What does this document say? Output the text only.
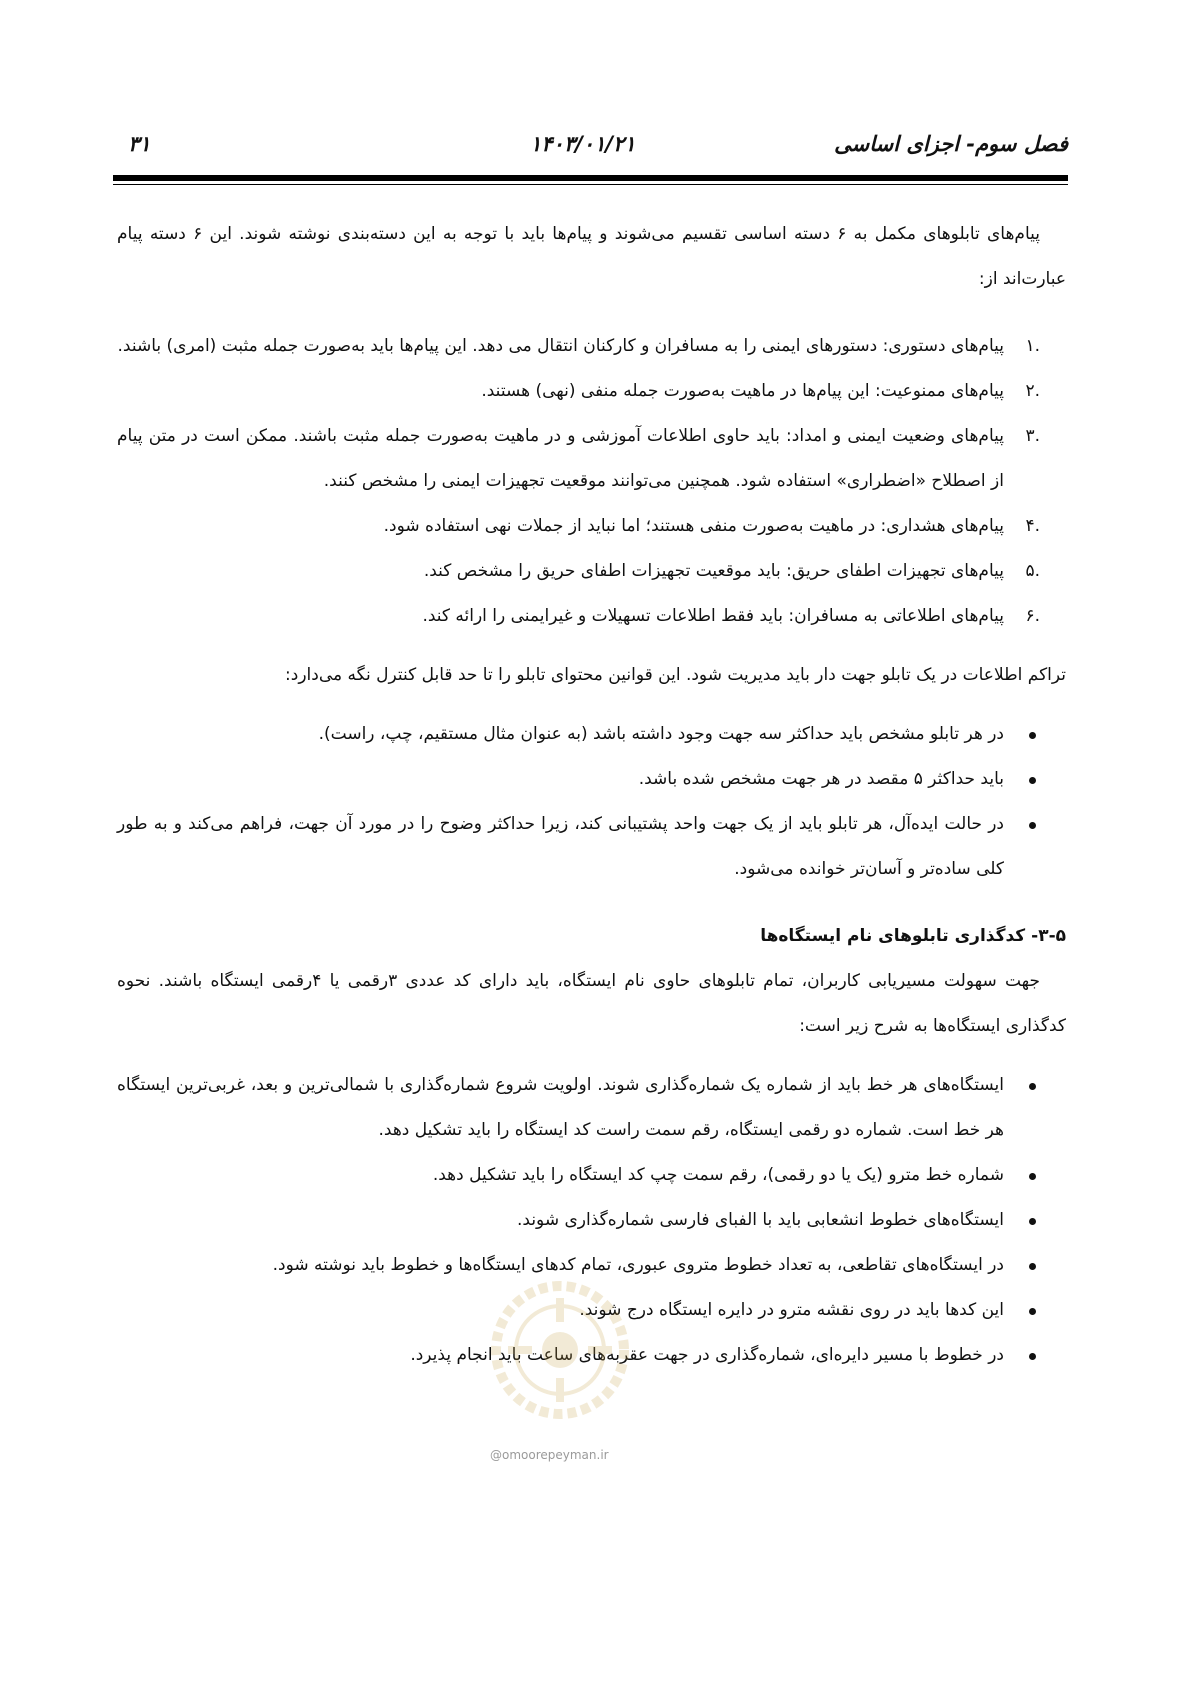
۳۱	۱۴۰۳/۰۱/۲۱	فصل سوم- اجزای اساسی

پیام‌های تابلوهای مکمل به ۶ دسته اساسی تقسیم می‌شوند و پیام‌ها باید با توجه به این دسته‌بندی نوشته شوند. این ۶ دسته پیام عبارت‌اند از:

.۱
پیام‌های دستوری: دستورهای ایمنی را به مسافران و کارکنان انتقال می دهد. این پیام‌ها باید به‌صورت جمله مثبت (امری) باشند.
.۲
پیام‌های ممنوعیت: این پیام‌ها در ماهیت به‌صورت جمله منفی (نهی) هستند.
.۳
پیام‌های وضعیت ایمنی و امداد: باید حاوی اطلاعات آموزشی و در ماهیت به‌صورت جمله مثبت باشند. ممکن است در متن پیام از اصطلاح «اضطراری» استفاده شود. همچنین می‌توانند موقعیت تجهیزات ایمنی را مشخص کنند.
.۴
پیام‌های هشداری: در ماهیت به‌صورت منفی هستند؛ اما نباید از جملات نهی استفاده شود.
.۵
پیام‌های تجهیزات اطفای حریق: باید موقعیت تجهیزات اطفای حریق را مشخص کند.
.۶
پیام‌های اطلاعاتی به مسافران: باید فقط اطلاعات تسهیلات و غیرایمنی را ارائه کند.

تراکم اطلاعات در یک تابلو جهت دار باید مدیریت شود. این قوانین محتوای تابلو را تا حد قابل کنترل نگه می‌دارد:

در هر تابلو مشخص باید حداکثر سه جهت وجود داشته باشد (به عنوان مثال مستقیم، چپ، راست).
باید حداکثر ۵ مقصد در هر جهت مشخص شده باشد.
در حالت ایده‌آل، هر تابلو باید از یک جهت واحد پشتیبانی کند، زیرا حداکثر وضوح را در مورد آن جهت، فراهم می‌کند و به طور کلی ساده‌تر و آسان‌تر خوانده می‌شود.

۳-۵- کدگذاری تابلوهای نام ایستگاه‌ها

جهت سهولت مسیریابی کاربران، تمام تابلوهای حاوی نام ایستگاه، باید دارای کد عددی ۳رقمی یا ۴رقمی ایستگاه باشند. نحوه کدگذاری ایستگاه‌ها به شرح زیر است:

ایستگاه‌های هر خط باید از شماره یک شماره‌گذاری شوند. اولویت شروع شماره‌گذاری با شمالی‌ترین و بعد، غربی‌ترین ایستگاه هر خط است. شماره دو رقمی ایستگاه، رقم سمت راست کد ایستگاه را باید تشکیل دهد.
شماره خط مترو (یک یا دو رقمی)، رقم سمت چپ کد ایستگاه را باید تشکیل دهد.
ایستگاه‌های خطوط انشعابی باید با الفبای فارسی شماره‌گذاری شوند.
در ایستگاه‌های تقاطعی، به تعداد خطوط متروی عبوری، تمام کدهای ایستگاه‌ها و خطوط باید نوشته شود.
این کدها باید در روی نقشه مترو در دایره ایستگاه درج شوند.
در خطوط با مسیر دایره‌ای، شماره‌گذاری در جهت عقربه‌های ساعت باید انجام پذیرد.
@omoorepeyman.ir
